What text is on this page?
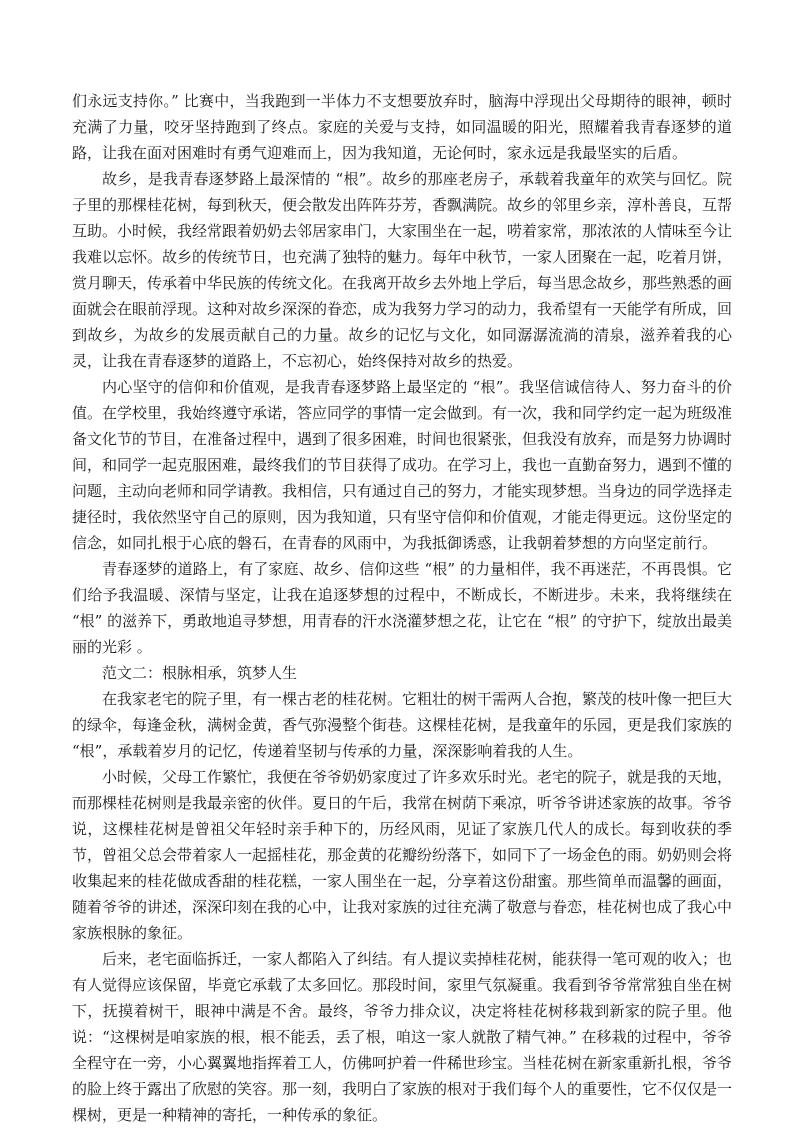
们永远支持你。” 比赛中，当我跑到一半体力不支想要放弃时，脑海中浮现出父母期待的眼神，顿时充满了力量，咬牙坚持跑到了终点。家庭的关爱与支持，如同温暖的阳光，照耀着我青春逐梦的道路，让我在面对困难时有勇气迎难而上，因为我知道，无论何时，家永远是我最坚实的后盾。

故乡，是我青春逐梦路上最深情的 “根”。故乡的那座老房子，承载着我童年的欢笑与回忆。院子里的那棵桂花树，每到秋天，便会散发出阵阵芬芳，香飘满院。故乡的邻里乡亲，淳朴善良，互帮互助。小时候，我经常跟着奶奶去邻居家串门，大家围坐在一起，唠着家常，那浓浓的人情味至今让我难以忘怀。故乡的传统节日，也充满了独特的魅力。每年中秋节，一家人团聚在一起，吃着月饼，赏月聊天，传承着中华民族的传统文化。在我离开故乡去外地上学后，每当思念故乡，那些熟悉的画面就会在眼前浮现。这种对故乡深深的眷恋，成为我努力学习的动力，我希望有一天能学有所成，回到故乡，为故乡的发展贡献自己的力量。故乡的记忆与文化，如同潺潺流淌的清泉，滋养着我的心灵，让我在青春逐梦的道路上，不忘初心，始终保持对故乡的热爱。

内心坚守的信仰和价值观，是我青春逐梦路上最坚定的 “根”。我坚信诚信待人、努力奋斗的价值。在学校里，我始终遵守承诺，答应同学的事情一定会做到。有一次，我和同学约定一起为班级准备文化节的节目，在准备过程中，遇到了很多困难，时间也很紧张，但我没有放弃，而是努力协调时间，和同学一起克服困难，最终我们的节目获得了成功。在学习上，我也一直勤奋努力，遇到不懂的问题，主动向老师和同学请教。我相信，只有通过自己的努力，才能实现梦想。当身边的同学选择走捷径时，我依然坚守自己的原则，因为我知道，只有坚守信仰和价值观，才能走得更远。这份坚定的信念，如同扎根于心底的磐石，在青春的风雨中，为我抵御诱惑，让我朝着梦想的方向坚定前行。

青春逐梦的道路上，有了家庭、故乡、信仰这些 “根” 的力量相伴，我不再迷茫，不再畏惧。它们给予我温暖、深情与坚定，让我在追逐梦想的过程中，不断成长，不断进步。未来，我将继续在 “根” 的滋养下，勇敢地追寻梦想，用青春的汗水浇灌梦想之花，让它在 “根” 的守护下，绽放出最美丽的光彩 。

范文二：根脉相承，筑梦人生

在我家老宅的院子里，有一棵古老的桂花树。它粗壮的树干需两人合抱，繁茂的枝叶像一把巨大的绿伞，每逢金秋，满树金黄，香气弥漫整个街巷。这棵桂花树，是我童年的乐园，更是我们家族的 “根”，承载着岁月的记忆，传递着坚韧与传承的力量，深深影响着我的人生。

小时候，父母工作繁忙，我便在爷爷奶奶家度过了许多欢乐时光。老宅的院子，就是我的天地，而那棵桂花树则是我最亲密的伙伴。夏日的午后，我常在树荫下乘凉，听爷爷讲述家族的故事。爷爷说，这棵桂花树是曾祖父年轻时亲手种下的，历经风雨，见证了家族几代人的成长。每到收获的季节，曾祖父总会带着家人一起摇桂花，那金黄的花瓣纷纷落下，如同下了一场金色的雨。奶奶则会将收集起来的桂花做成香甜的桂花糕，一家人围坐在一起，分享着这份甜蜜。那些简单而温馨的画面，随着爷爷的讲述，深深印刻在我的心中，让我对家族的过往充满了敬意与眷恋，桂花树也成了我心中家族根脉的象征。

后来，老宅面临拆迁，一家人都陷入了纠结。有人提议卖掉桂花树，能获得一笔可观的收入；也有人觉得应该保留，毕竟它承载了太多回忆。那段时间，家里气氛凝重。我看到爷爷常常独自坐在树下，抚摸着树干，眼神中满是不舍。最终，爷爷力排众议，决定将桂花树移栽到新家的院子里。他说：“这棵树是咱家族的根，根不能丢，丢了根，咱这一家人就散了精气神。” 在移栽的过程中，爷爷全程守在一旁，小心翼翼地指挥着工人，仿佛呵护着一件稀世珍宝。当桂花树在新家重新扎根，爷爷的脸上终于露出了欣慰的笑容。那一刻，我明白了家族的根对于我们每个人的重要性，它不仅仅是一棵树，更是一种精神的寄托，一种传承的象征。
